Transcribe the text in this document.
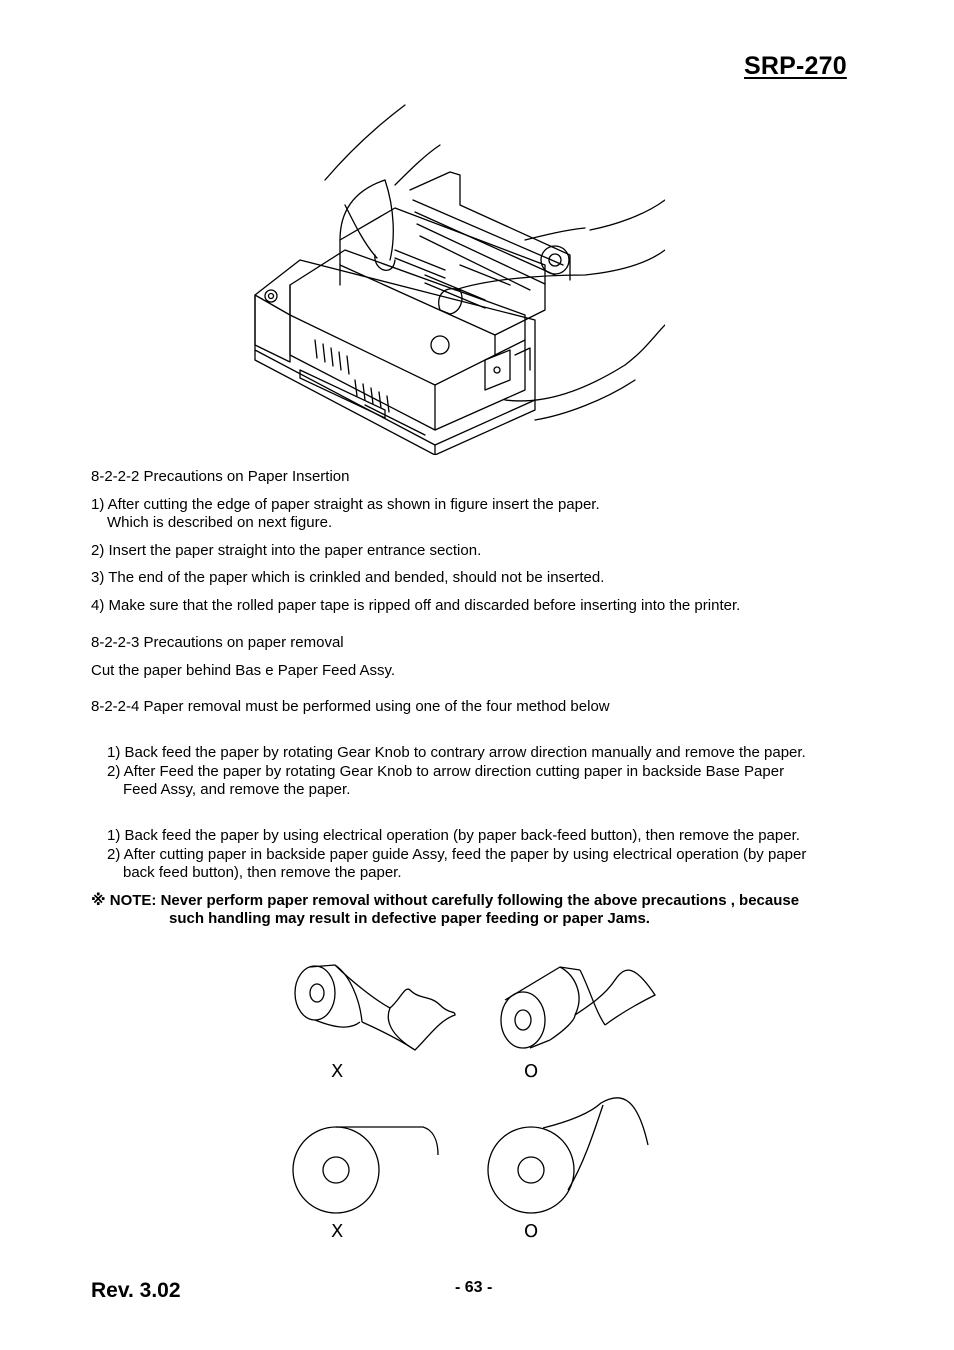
SRP-270
8-2-2-2 Precautions on Paper Insertion
1) After cutting the edge of paper straight as shown in figure insert the paper.
Which is described on next figure.
2) Insert the paper straight into the paper entrance section.
3) The end of the paper which is crinkled and bended, should not be inserted.
4) Make sure that the rolled paper tape is ripped off and discarded before inserting into the printer.
8-2-2-3 Precautions on paper removal
Cut the paper behind Bas e Paper Feed Assy.
8-2-2-4 Paper removal must be performed using one of the four method below
1) Back feed the paper by rotating Gear Knob to contrary arrow direction manually and remove the paper.
2) After Feed the paper by rotating Gear Knob to arrow direction cutting paper in backside Base Paper
Feed Assy, and remove the paper.
1) Back feed the paper by using electrical operation (by paper back-feed button), then remove the paper.
2) After cutting paper in backside paper guide Assy, feed the paper by using electrical operation (by paper
back feed button), then remove the paper.
※ NOTE: Never perform paper removal without carefully following the above precautions , because
such handling may result in defective paper feeding or paper Jams.
X	O
X	O
Rev. 3.02	- 63 -
